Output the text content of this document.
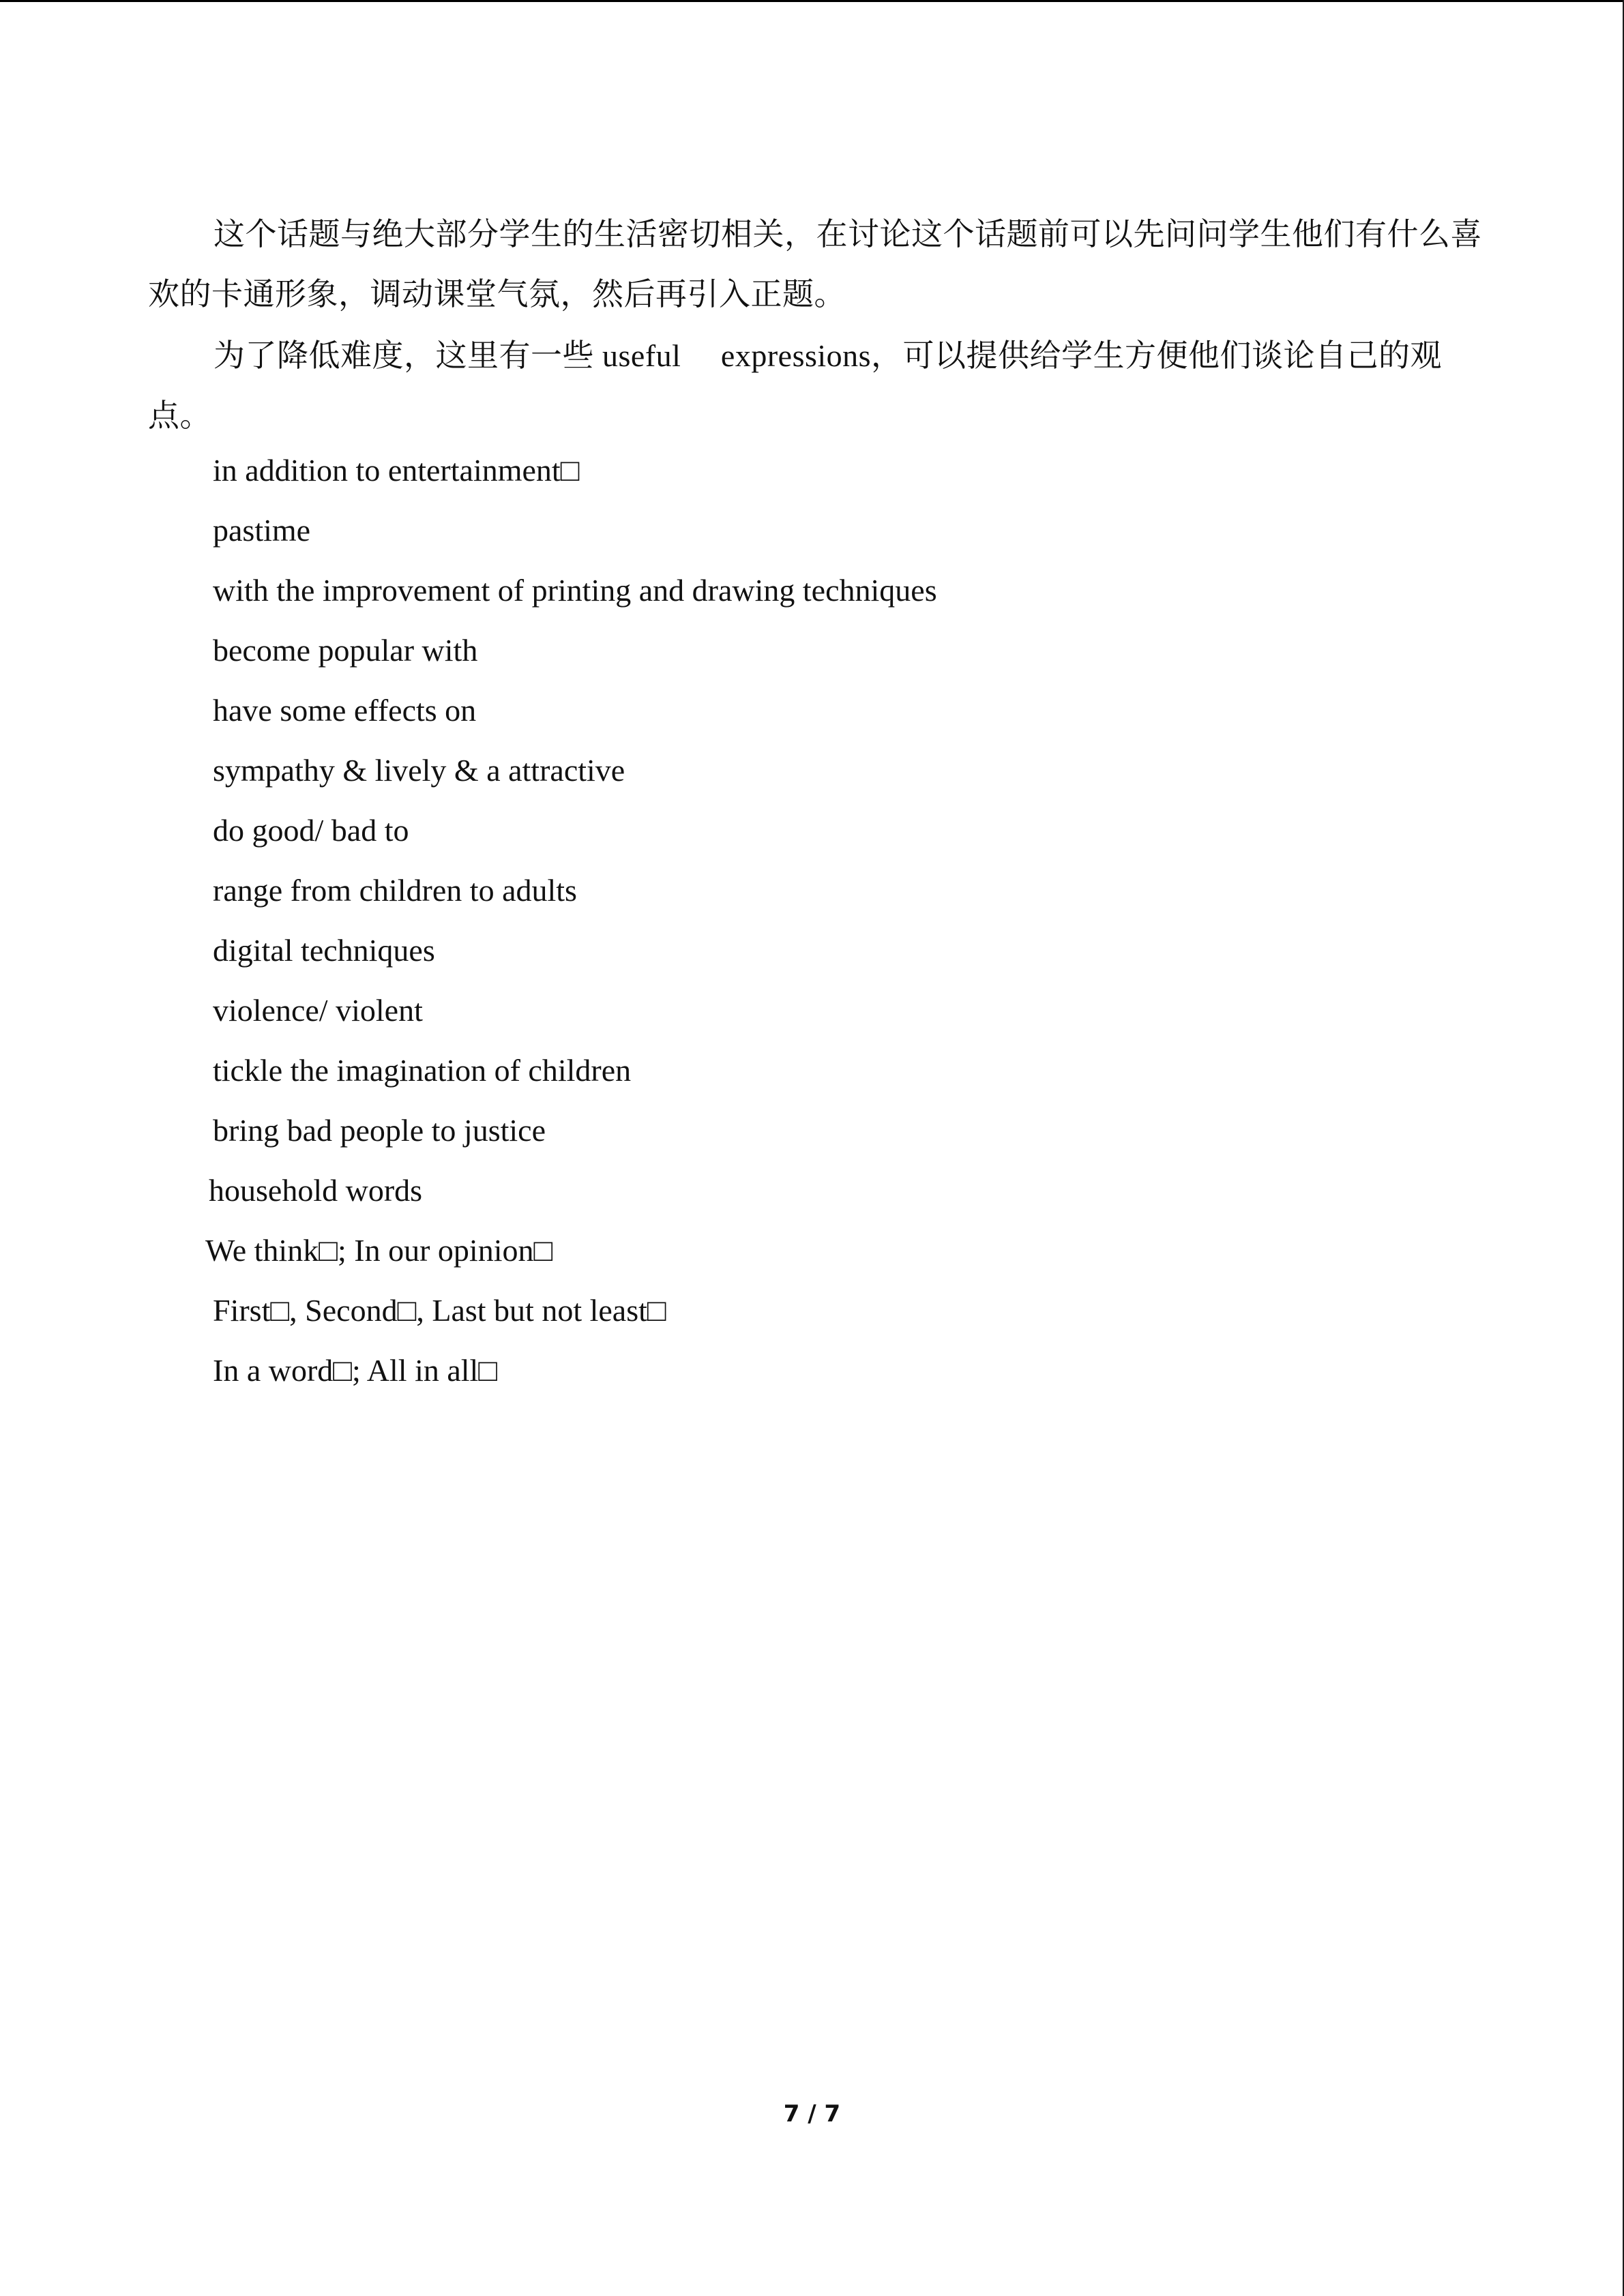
这个话题与绝大部分学生的生活密切相关，在讨论这个话题前可以先问问学生他们有什么喜欢的卡通形象，调动课堂气氛，然后再引入正题。

为了降低难度，这里有一些 useful　 expressions，可以提供给学生方便他们谈论自己的观点。

in addition to entertainment□
pastime
with the improvement of printing and drawing techniques
become popular with
have some effects on
sympathy & lively & a attractive
do good/ bad to
range from children to adults
digital techniques
violence/ violent
tickle the imagination of children
bring bad people to justice
household words
We think□; In our opinion□
First□, Second□, Last but not least□
In a word□; All in all□
7 / 7
